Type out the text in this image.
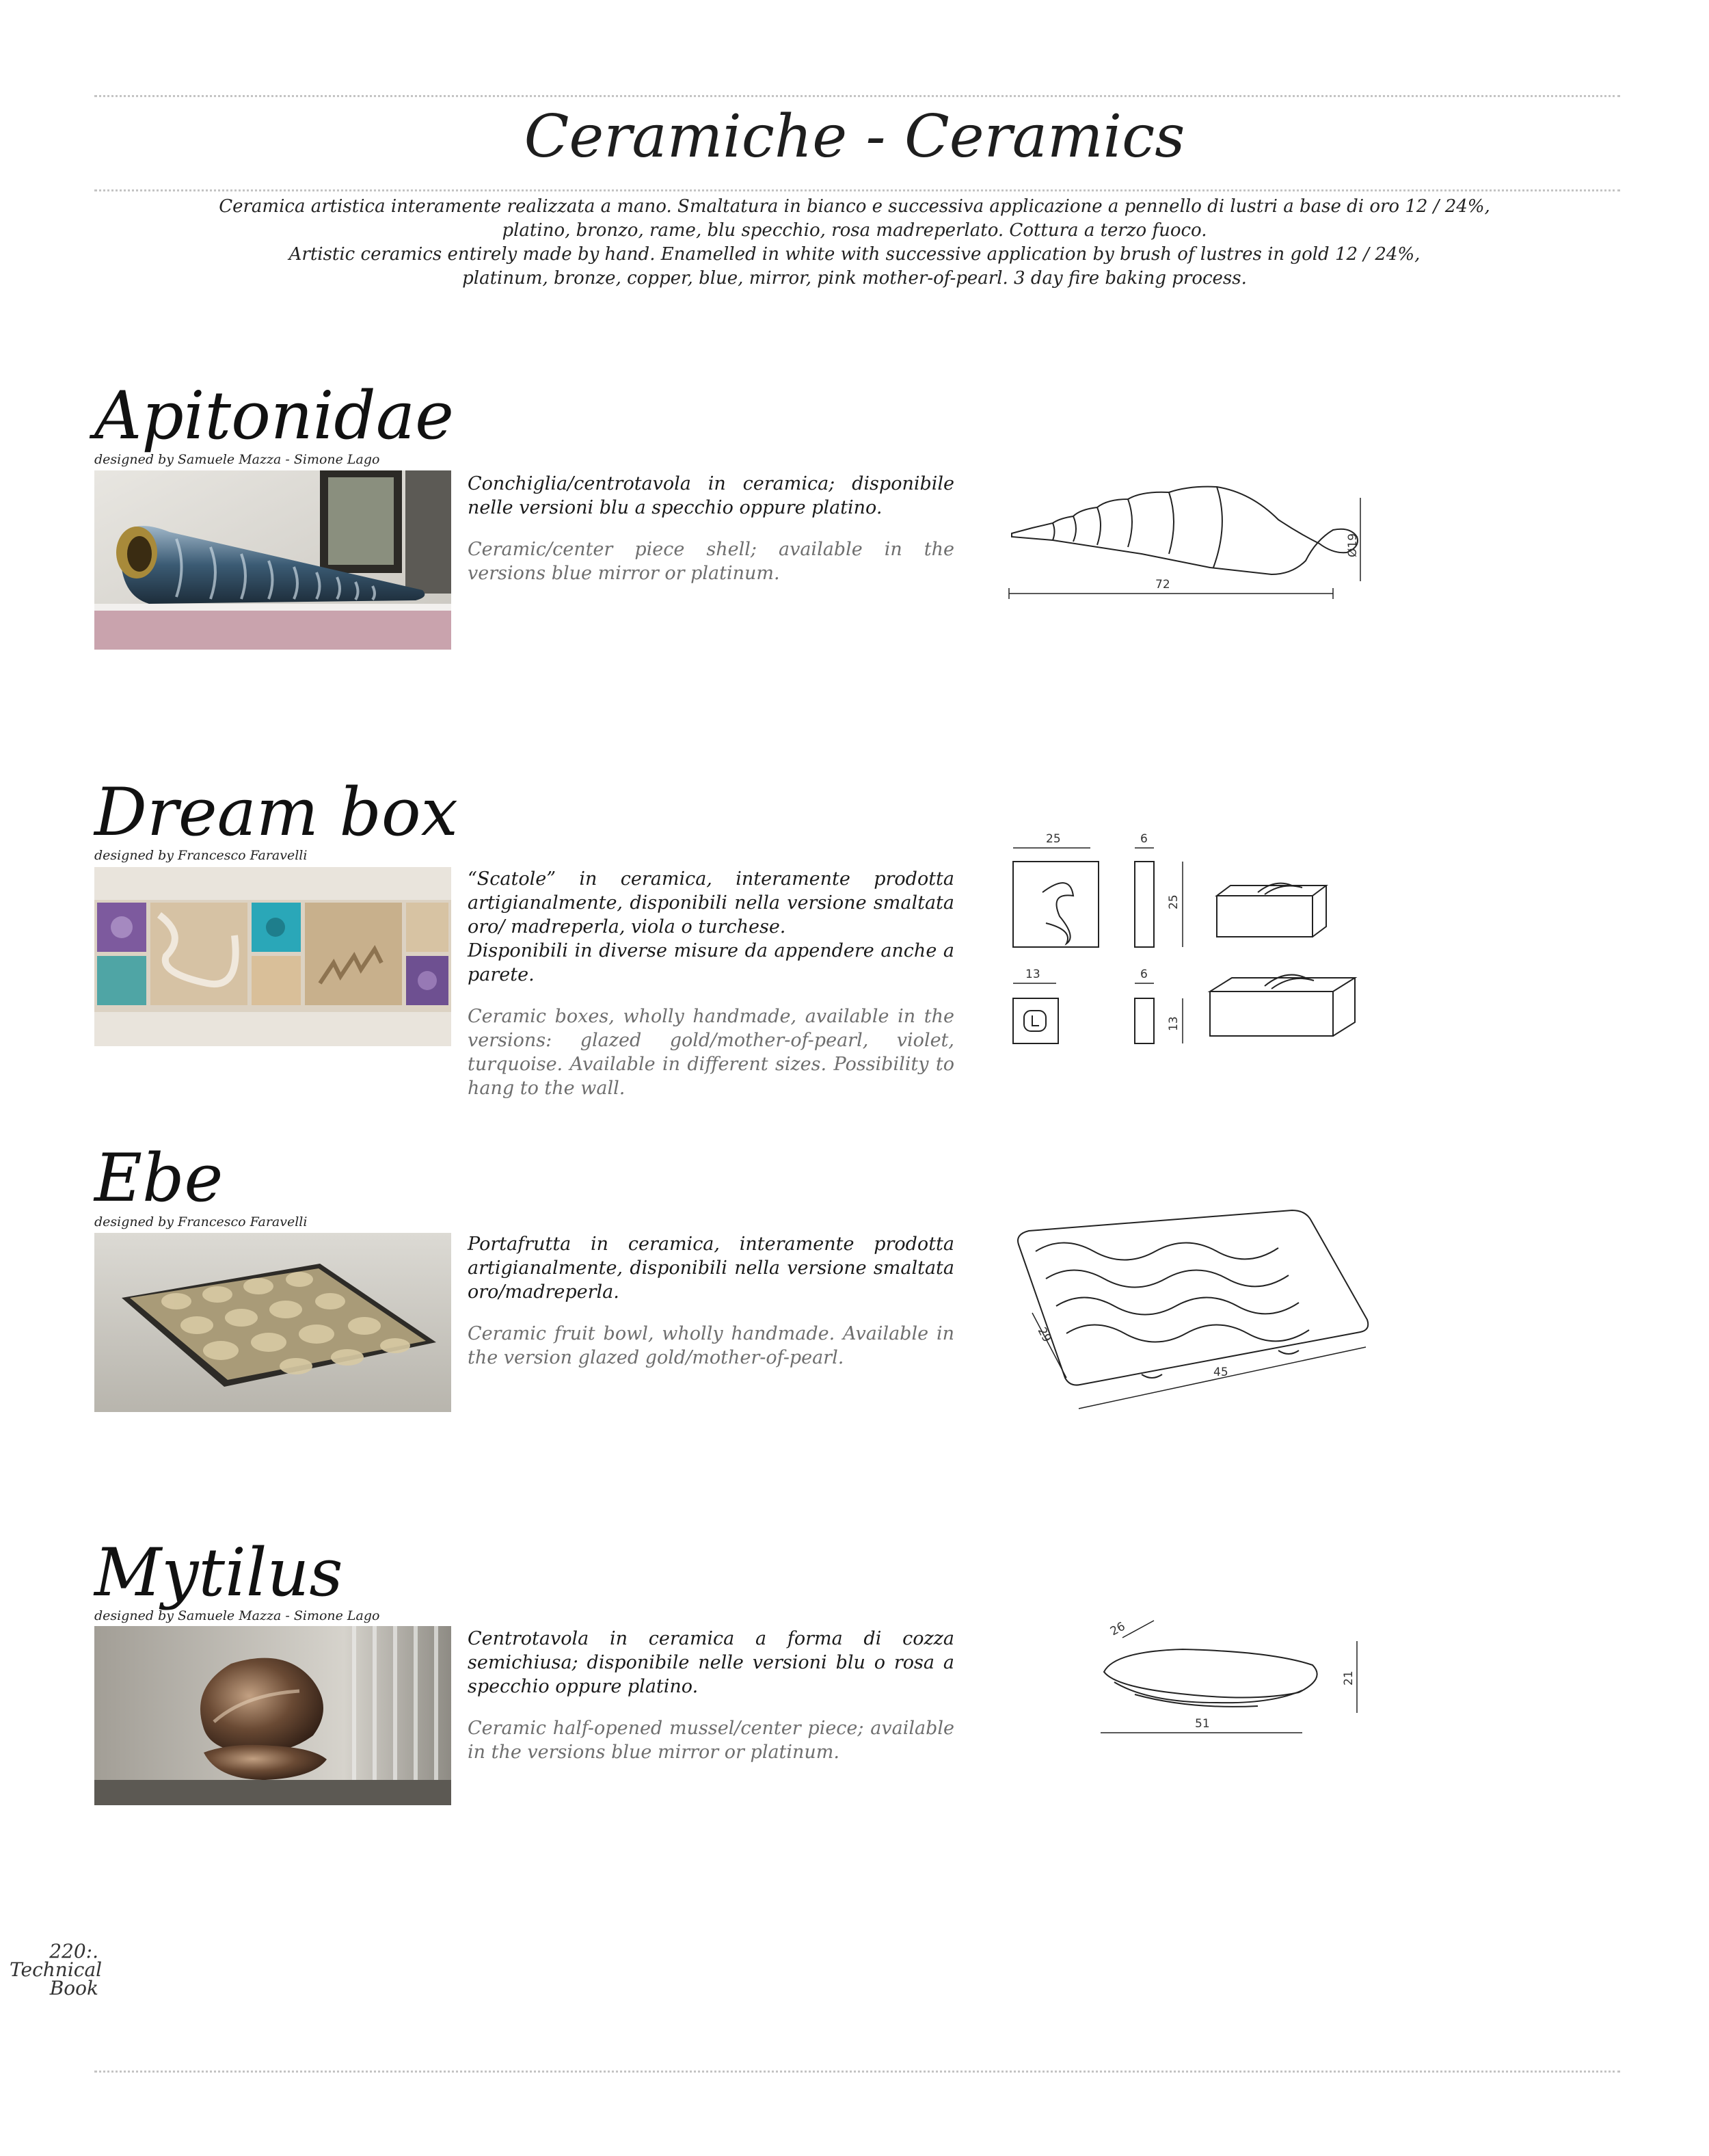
Ceramiche - Ceramics
Ceramica artistica interamente realizzata a mano. Smaltatura in bianco e successiva applicazione a pennello di lustri a base di oro 12 / 24%,
platino, bronzo, rame, blu specchio, rosa madreperlato. Cottura a terzo fuoco.
Artistic ceramics entirely made by hand. Enamelled in white with successive application by brush of lustres in gold 12 / 24%,
platinum, bronze, copper, blue, mirror, pink mother-of-pearl. 3 day fire baking process.
Apitonidae
designed by Samuele Mazza - Simone Lago
Conchiglia/centrotavola in ceramica; disponibile nelle versioni blu a specchio oppure platino.
Ceramic/center piece shell; available in the versions blue mirror or platinum.
72
Ø19
Dream box
designed by Francesco Faravelli
“Scatole” in ceramica, interamente prodotta artigianalmente, disponibili nella versione smaltata oro/ madreperla, viola o turchese.
Disponibili in diverse misure da appendere anche a parete.
Ceramic boxes, wholly handmade, available in the versions: glazed gold/mother-of-pearl, violet, turquoise. Available in different sizes. Possibility to hang to the wall.
25	6
25
13	6
13
Ebe
designed by Francesco Faravelli
Portafrutta in ceramica, interamente prodotta artigianalmente, disponibili nella versione smaltata oro/madreperla.
Ceramic fruit bowl, wholly handmade. Available in the version glazed gold/mother-of-pearl.
29
45
Mytilus
designed by Samuele Mazza - Simone Lago
Centrotavola in ceramica a forma di cozza semichiusa; disponibile nelle versioni blu o rosa a specchio oppure platino.
Ceramic half-opened mussel/center piece; available in the versions blue mirror or platinum.
26
21
51
220:.
Technical
Book
